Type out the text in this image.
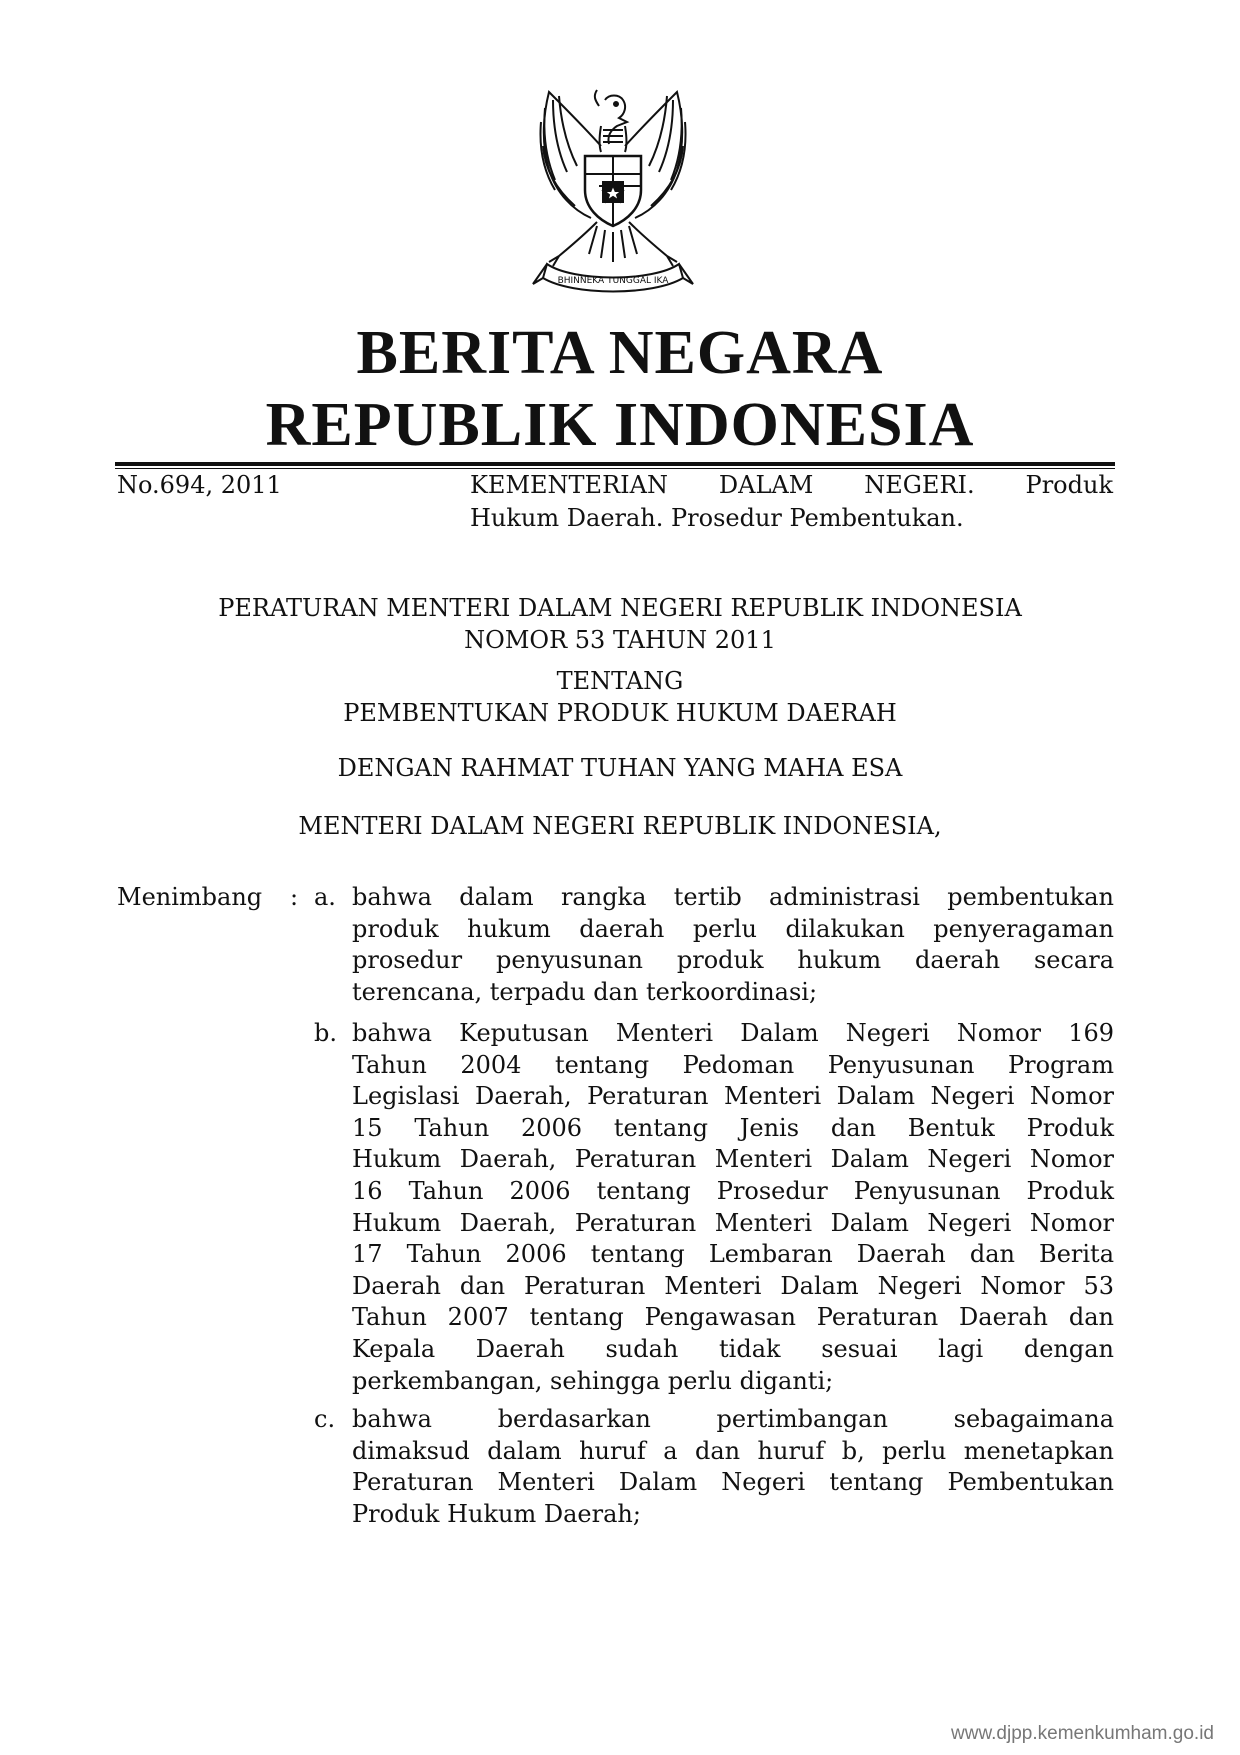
BHINNEKA TUNGGAL IKA
BERITA NEGARA
REPUBLIK INDONESIA
No.694, 2011	KEMENTERIAN DALAM NEGERI. Produk
Hukum Daerah. Prosedur Pembentukan.
PERATURAN MENTERI DALAM NEGERI REPUBLIK INDONESIA
NOMOR 53 TAHUN 2011
TENTANG
PEMBENTUKAN PRODUK HUKUM DAERAH
DENGAN RAHMAT TUHAN YANG MAHA ESA
MENTERI DALAM NEGERI REPUBLIK INDONESIA,
Menimbang : a. bahwa dalam rangka tertib administrasi pembentukan
produk hukum daerah perlu dilakukan penyeragaman
prosedur penyusunan produk hukum daerah secara
terencana, terpadu dan terkoordinasi;
b. bahwa Keputusan Menteri Dalam Negeri Nomor 169
Tahun 2004 tentang Pedoman Penyusunan Program
Legislasi Daerah, Peraturan Menteri Dalam Negeri Nomor
15 Tahun 2006 tentang Jenis dan Bentuk Produk
Hukum Daerah, Peraturan Menteri Dalam Negeri Nomor
16 Tahun 2006 tentang Prosedur Penyusunan Produk
Hukum Daerah, Peraturan Menteri Dalam Negeri Nomor
17 Tahun 2006 tentang Lembaran Daerah dan Berita
Daerah dan Peraturan Menteri Dalam Negeri Nomor 53
Tahun 2007 tentang Pengawasan Peraturan Daerah dan
Kepala Daerah sudah tidak sesuai lagi dengan
perkembangan, sehingga perlu diganti;
c. bahwa berdasarkan pertimbangan sebagaimana
dimaksud dalam huruf a dan huruf b, perlu menetapkan
Peraturan Menteri Dalam Negeri tentang Pembentukan
Produk Hukum Daerah;
www.djpp.kemenkumham.go.id
